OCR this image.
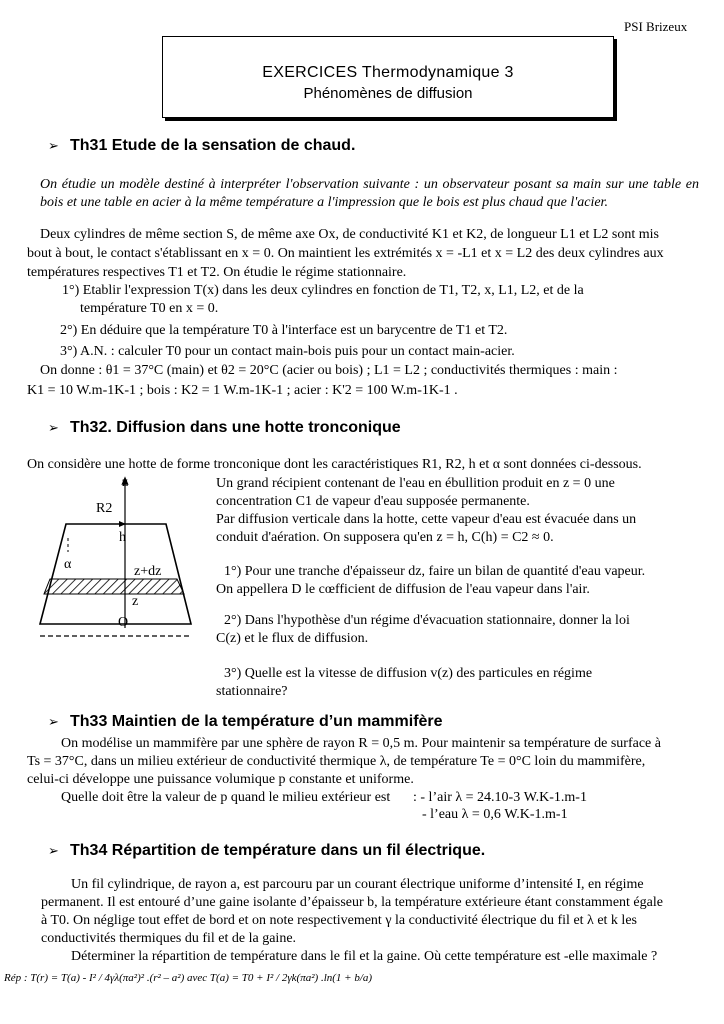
PSI Brizeux
EXERCICES Thermodynamique 3
Phénomènes de diffusion
➢ Th31 Etude de la sensation de chaud.
On étudie un modèle destiné à interpréter l'observation suivante : un observateur posant sa main sur une table en bois et une table en acier à la même température a l'impression que le bois est plus chaud que l'acier.
Deux cylindres de même section S, de même axe Ox, de conductivité K1 et K2, de longueur L1 et L2 sont mis
bout à bout, le contact s'établissant en x = 0. On maintient les extrémités x = -L1 et x = L2 des deux cylindres aux
températures respectives T1 et T2. On étudie le régime stationnaire.
1°) Etablir l'expression T(x) dans les deux cylindres en fonction de T1, T2, x, L1, L2, et de la
température T0 en x = 0.
2°) En déduire que la température T0 à l'interface est un barycentre de T1 et T2.
3°) A.N. : calculer T0 pour un contact main-bois puis pour un contact main-acier.
On donne : θ1 = 37°C (main) et θ2 = 20°C (acier ou bois) ; L1 = L2 ; conductivités thermiques : main :
K1 = 10 W.m-1K-1 ; bois : K2 = 1 W.m-1K-1 ; acier : K'2 = 100 W.m-1K-1 .
➢ Th32. Diffusion dans une hotte tronconique
On considère une hotte de forme tronconique dont les caractéristiques R1, R2, h et α sont données ci-dessous.
z
R2
h
α	z+dz
z
O
Un grand récipient contenant de l'eau en ébullition produit en z = 0 une
concentration C1 de vapeur d'eau supposée permanente.
Par diffusion verticale dans la hotte, cette vapeur d'eau est évacuée dans un
conduit d'aération. On supposera qu'en z = h, C(h) = C2 ≈ 0.
1°) Pour une tranche d'épaisseur dz, faire un bilan de quantité d'eau vapeur.
On appellera D le cœfficient de diffusion de l'eau vapeur dans l'air.
2°) Dans l'hypothèse d'un régime d'évacuation stationnaire, donner la loi
C(z) et le flux de diffusion.
3°) Quelle est la vitesse de diffusion v(z) des particules en régime
stationnaire?
➢ Th33 Maintien de la température d’un mammifère
On modélise un mammifère par une sphère de rayon R = 0,5 m. Pour maintenir sa température de surface à
Ts = 37°C, dans un milieu extérieur de conductivité thermique λ, de température Te = 0°C loin du mammifère,
celui-ci développe une puissance volumique p constante et uniforme.
Quelle doit être la valeur de p quand le milieu extérieur est : - l’air λ = 24.10-3 W.K-1.m-1
- l’eau λ = 0,6 W.K-1.m-1
➢ Th34 Répartition de température dans un fil électrique.
Un fil cylindrique, de rayon a, est parcouru par un courant électrique uniforme d’intensité I, en régime
permanent. Il est entouré d’une gaine isolante d’épaisseur b, la température extérieure étant constamment égale
à T0. On néglige tout effet de bord et on note respectivement γ la conductivité électrique du fil et λ et k les
conductivités thermiques du fil et de la gaine.
Déterminer la répartition de température dans le fil et la gaine. Où cette température est -elle maximale ?
Rép : T(r) = T(a) - I² / 4γλ(πa²)² .(r² – a²) avec T(a) = T0 + I² / 2γk(πa²) .ln(1 + b/a)
